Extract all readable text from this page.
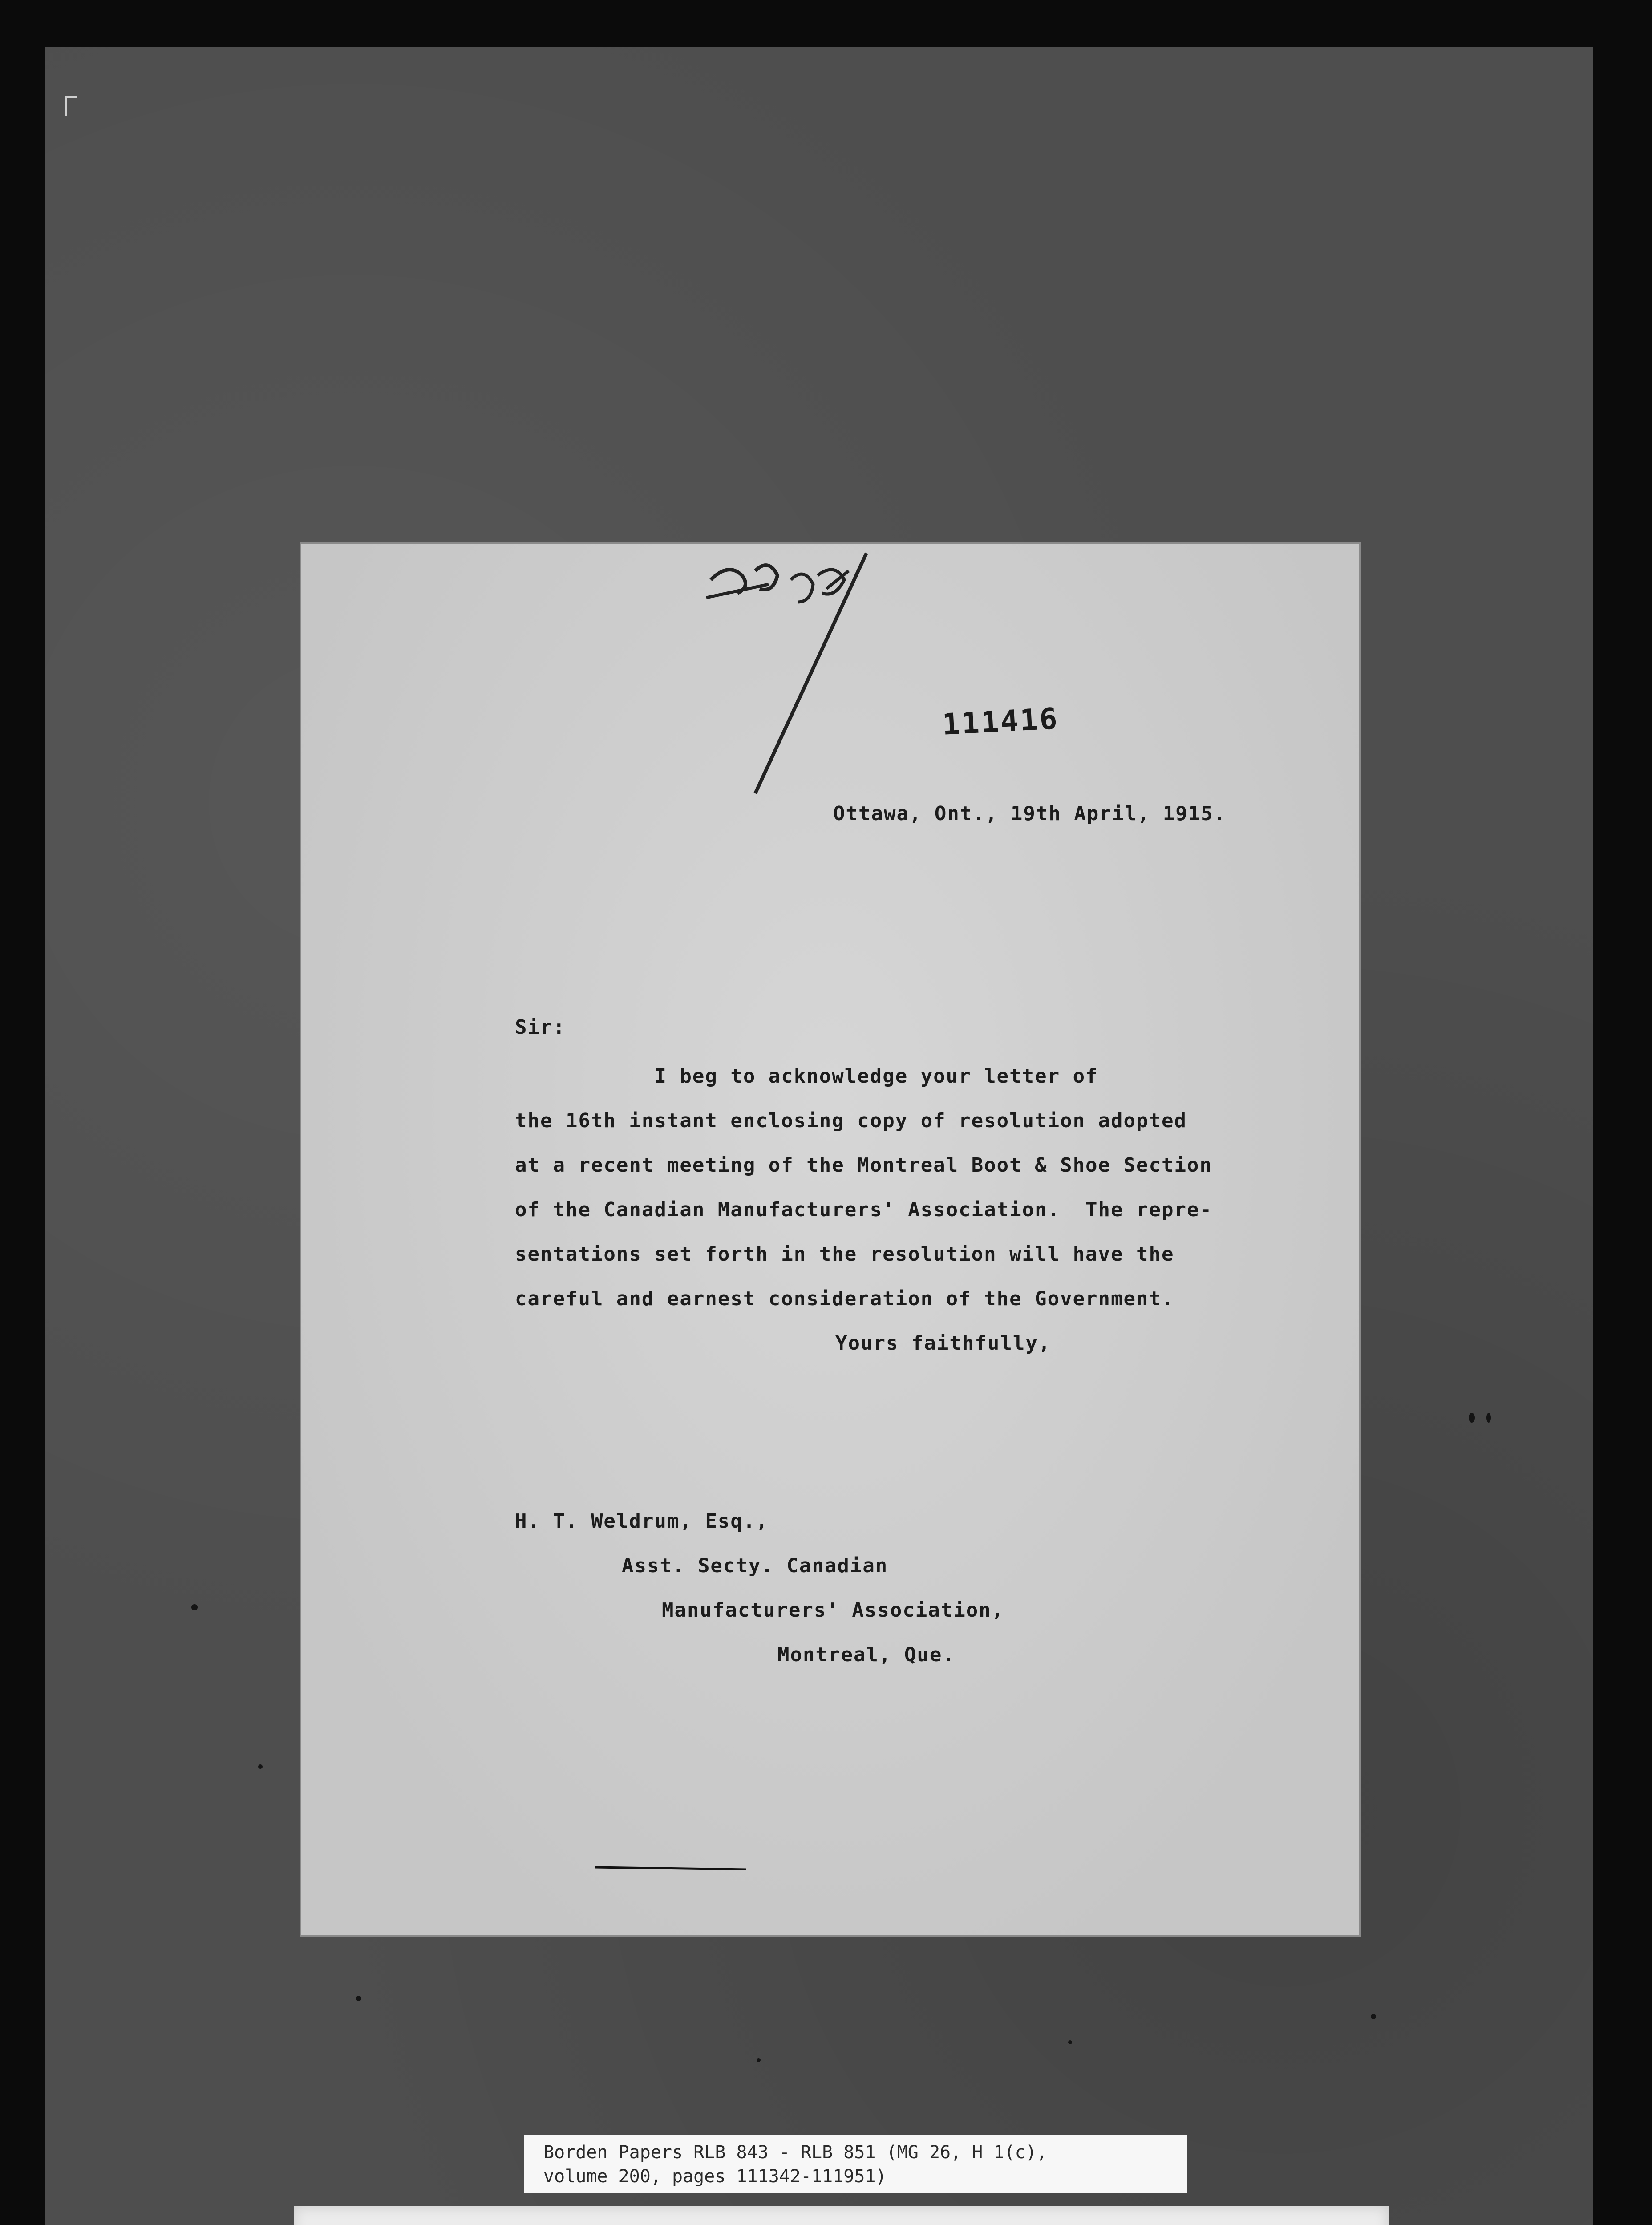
111416
Ottawa, Ont., 19th April, 1915.
Sir:
I beg to acknowledge your letter of
the 16th instant enclosing copy of resolution adopted
at a recent meeting of the Montreal Boot & Shoe Section
of the Canadian Manufacturers' Association.  The repre-
sentations set forth in the resolution will have the
careful and earnest consideration of the Government.
Yours faithfully,
H. T. Weldrum, Esq.,
Asst. Secty. Canadian
Manufacturers' Association,
Montreal, Que.
Borden Papers RLB 843 - RLB 851 (MG 26, H 1(c),
volume 200, pages 111342-111951)
